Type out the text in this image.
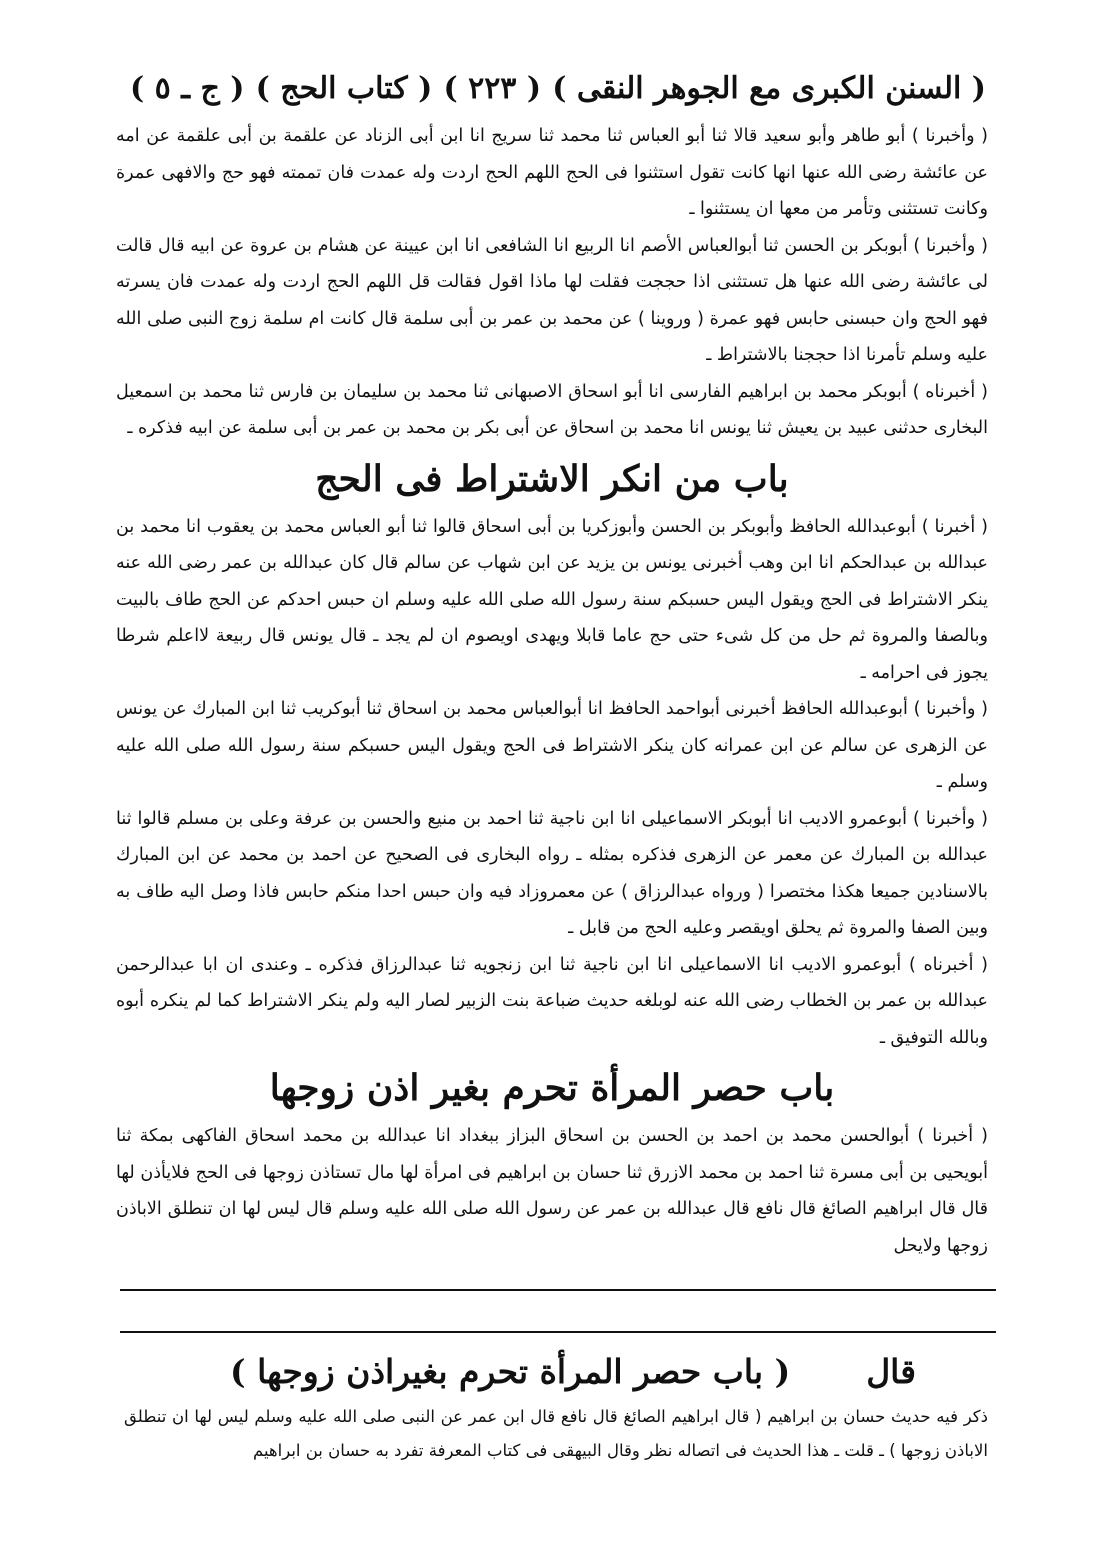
( السنن الكبرى مع الجوهر النقى )
( ٢٢٣ )
( كتاب الحج )
( ج ـ ٥ )

( وأخبرنا ) أبو طاهر وأبو سعيد قالا ثنا أبو العباس ثنا محمد ثنا سريج انا ابن أبى الزناد عن علقمة بن أبى علقمة عن امه عن عائشة رضى الله عنها انها كانت تقول استثنوا فى الحج اللهم الحج اردت وله عمدت فان تممته فهو حج والافهى عمرة وكانت تستثنى وتأمر من معها ان يستثنوا ـ

( وأخبرنا ) أبوبكر بن الحسن ثنا أبوالعباس الأصم انا الربيع انا الشافعى انا ابن عيينة عن هشام بن عروة عن ابيه قال قالت لى عائشة رضى الله عنها هل تستثنى اذا حججت فقلت لها ماذا اقول فقالت قل اللهم الحج اردت وله عمدت فان يسرته فهو الحج وان حبسنى حابس فهو عمرة ( وروينا ) عن محمد بن عمر بن أبى سلمة قال كانت ام سلمة زوج النبى صلى الله عليه وسلم تأمرنا اذا حججنا بالاشتراط ـ

( أخبرناه ) أبوبكر محمد بن ابراهيم الفارسى انا أبو اسحاق الاصبهانى ثنا محمد بن سليمان بن فارس ثنا محمد بن اسمعيل البخارى حدثنى عبيد بن يعيش ثنا يونس انا محمد بن اسحاق عن أبى بكر بن محمد بن عمر بن أبى سلمة عن ابيه فذكره ـ

باب من انكر الاشتراط فى الحج

( أخبرنا ) أبوعبدالله الحافظ وأبوبكر بن الحسن وأبوزكريا بن أبى اسحاق قالوا ثنا أبو العباس محمد بن يعقوب انا محمد بن عبدالله بن عبدالحكم انا ابن وهب أخبرنى يونس بن يزيد عن ابن شهاب عن سالم قال كان عبدالله بن عمر رضى الله عنه ينكر الاشتراط فى الحج ويقول اليس حسبكم سنة رسول الله صلى الله عليه وسلم ان حبس احدكم عن الحج طاف بالبيت وبالصفا والمروة ثم حل من كل شىء حتى حج عاما قابلا ويهدى اويصوم ان لم يجد ـ قال يونس قال ربيعة لااعلم شرطا يجوز فى احرامه ـ

( وأخبرنا ) أبوعبدالله الحافظ أخبرنى أبواحمد الحافظ انا أبوالعباس محمد بن اسحاق ثنا أبوكريب ثنا ابن المبارك عن يونس عن الزهرى عن سالم عن ابن عمرانه كان ينكر الاشتراط فى الحج ويقول اليس حسبكم سنة رسول الله صلى الله عليه وسلم ـ

( وأخبرنا ) أبوعمرو الاديب انا أبوبكر الاسماعيلى انا ابن ناجية ثنا احمد بن منيع والحسن بن عرفة وعلى بن مسلم قالوا ثنا عبدالله بن المبارك عن معمر عن الزهرى فذكره بمثله ـ رواه البخارى فى الصحيح عن احمد بن محمد عن ابن المبارك بالاسنادين جميعا هكذا مختصرا ( ورواه عبدالرزاق ) عن معمروزاد فيه وان حبس احدا منكم حابس فاذا وصل اليه طاف به وبين الصفا والمروة ثم يحلق اويقصر وعليه الحج من قابل ـ

( أخبرناه ) أبوعمرو الاديب انا الاسماعيلى انا ابن ناجية ثنا ابن زنجويه ثنا عبدالرزاق فذكره ـ وعندى ان ابا عبدالرحمن عبدالله بن عمر بن الخطاب رضى الله عنه لوبلغه حديث ضباعة بنت الزبير لصار اليه ولم ينكر الاشتراط كما لم ينكره أبوه وبالله التوفيق ـ

باب حصر المرأة تحرم بغير اذن زوجها

( أخبرنا ) أبوالحسن محمد بن احمد بن الحسن بن اسحاق البزاز ببغداد انا عبدالله بن محمد اسحاق الفاكهى بمكة ثنا أبويحيى بن أبى مسرة ثنا احمد بن محمد الازرق ثنا حسان بن ابراهيم فى امرأة لها مال تستاذن زوجها فى الحج فلايأذن لها قال قال ابراهيم الصائغ قال نافع قال عبدالله بن عمر عن رسول الله صلى الله عليه وسلم قال ليس لها ان تنطلق الاباذن زوجها ولايحل

قال
( باب حصر المرأة تحرم بغيراذن زوجها )

ذكر فيه حديث حسان بن ابراهيم ( قال ابراهيم الصائغ قال نافع قال ابن عمر عن النبى صلى الله عليه وسلم ليس لها ان تنطلق الاباذن زوجها ) ـ قلت ـ هذا الحديث فى اتصاله نظر وقال البيهقى فى كتاب المعرفة تفرد به حسان بن ابراهيم
